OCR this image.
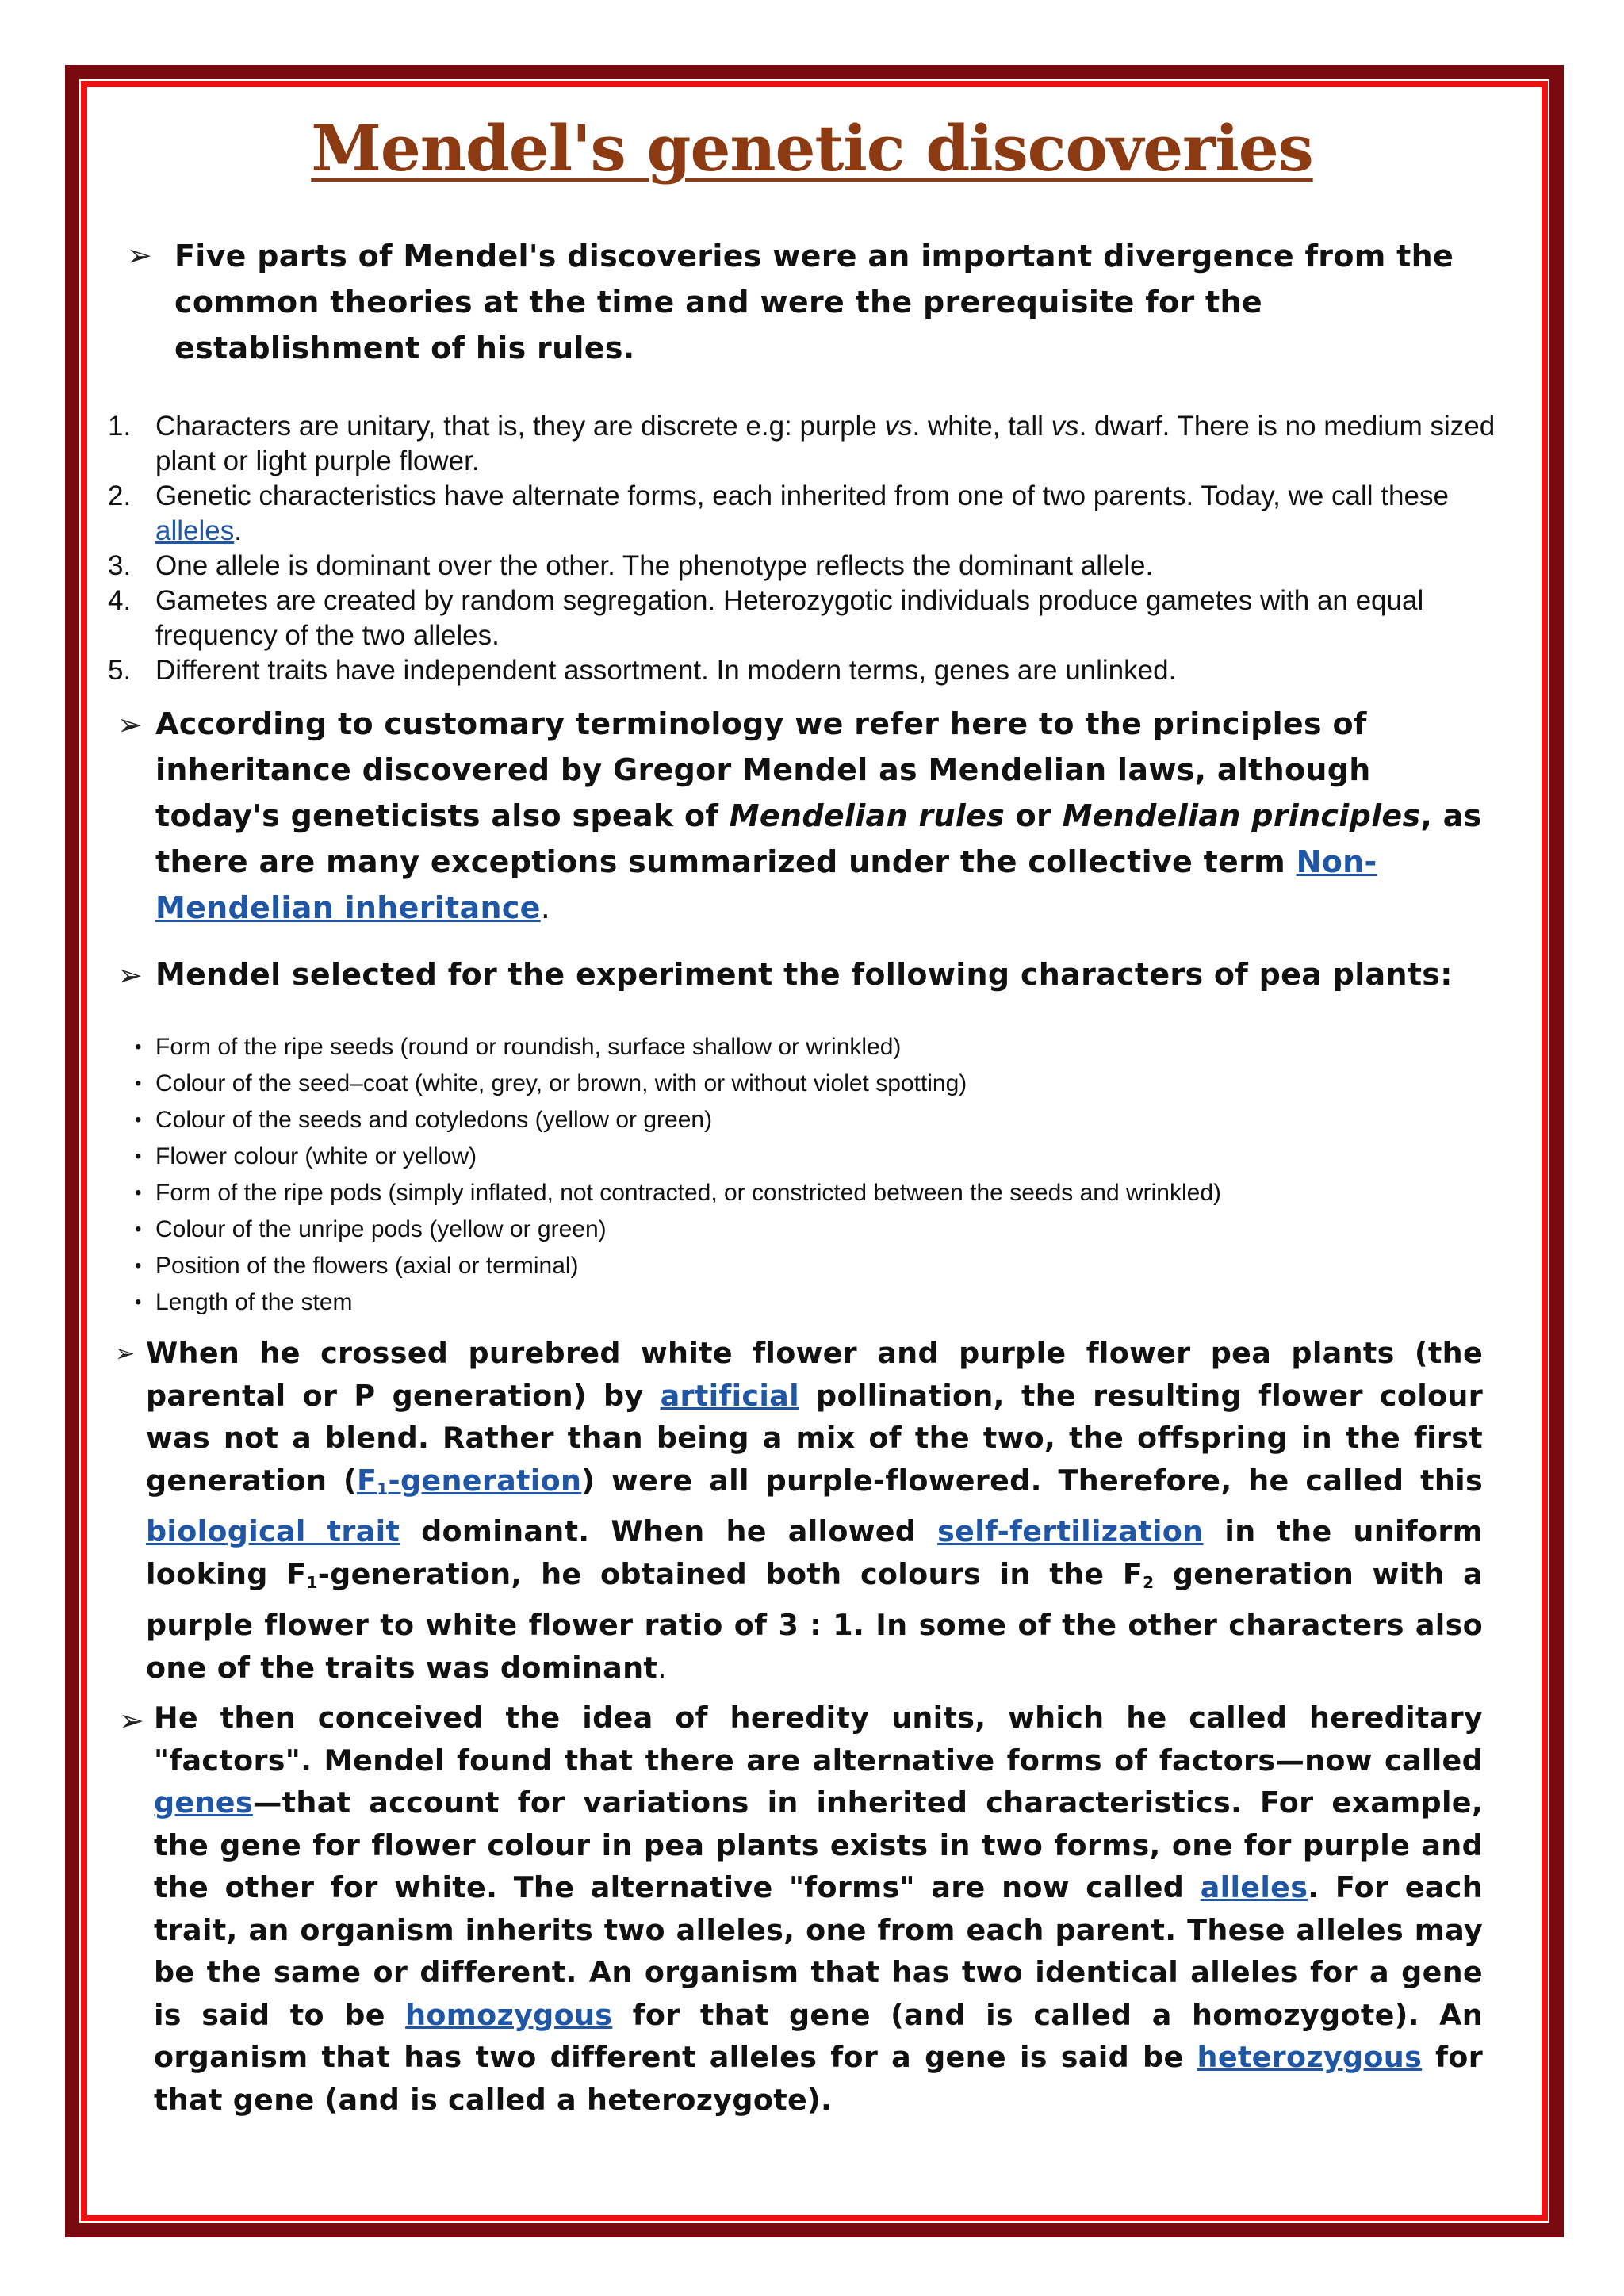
Mendel's genetic discoveries
➢ Five parts of Mendel's discoveries were an important divergence from the common theories at the time and were the prerequisite for the establishment of his rules.
1. Characters are unitary, that is, they are discrete e.g: purple vs. white, tall vs. dwarf. There is no medium sized plant or light purple flower.
2. Genetic characteristics have alternate forms, each inherited from one of two parents. Today, we call these alleles.
3. One allele is dominant over the other. The phenotype reflects the dominant allele.
4. Gametes are created by random segregation. Heterozygotic individuals produce gametes with an equal frequency of the two alleles.
5. Different traits have independent assortment. In modern terms, genes are unlinked.
➢ According to customary terminology we refer here to the principles of inheritance discovered by Gregor Mendel as Mendelian laws, although today's geneticists also speak of Mendelian rules or Mendelian principles, as there are many exceptions summarized under the collective term Non-Mendelian inheritance.
➢ Mendel selected for the experiment the following characters of pea plants:
• Form of the ripe seeds (round or roundish, surface shallow or wrinkled)
• Colour of the seed–coat (white, grey, or brown, with or without violet spotting)
• Colour of the seeds and cotyledons (yellow or green)
• Flower colour (white or yellow)
• Form of the ripe pods (simply inflated, not contracted, or constricted between the seeds and wrinkled)
• Colour of the unripe pods (yellow or green)
• Position of the flowers (axial or terminal)
• Length of the stem
➢ When he crossed purebred white flower and purple flower pea plants (the parental or P generation) by artificial pollination, the resulting flower colour was not a blend. Rather than being a mix of the two, the offspring in the first generation $(F_1-generation)$ were all purple-flowered. Therefore, he called this biological trait dominant. When he allowed self-fertilization in the uniform looking $F_1$-generation, he obtained both colours in the $F_2$ generation with a purple flower to white flower ratio of 3 : 1. In some of the other characters also one of the traits was dominant.
➢ He then conceived the idea of heredity units, which he called hereditary "factors". Mendel found that there are alternative forms of factors—now called genes—that account for variations in inherited characteristics. For example, the gene for flower colour in pea plants exists in two forms, one for purple and the other for white. The alternative "forms" are now called alleles. For each trait, an organism inherits two alleles, one from each parent. These alleles may be the same or different. An organism that has two identical alleles for a gene is said to be homozygous for that gene (and is called a homozygote). An organism that has two different alleles for a gene is said be heterozygous for that gene (and is called a heterozygote).
